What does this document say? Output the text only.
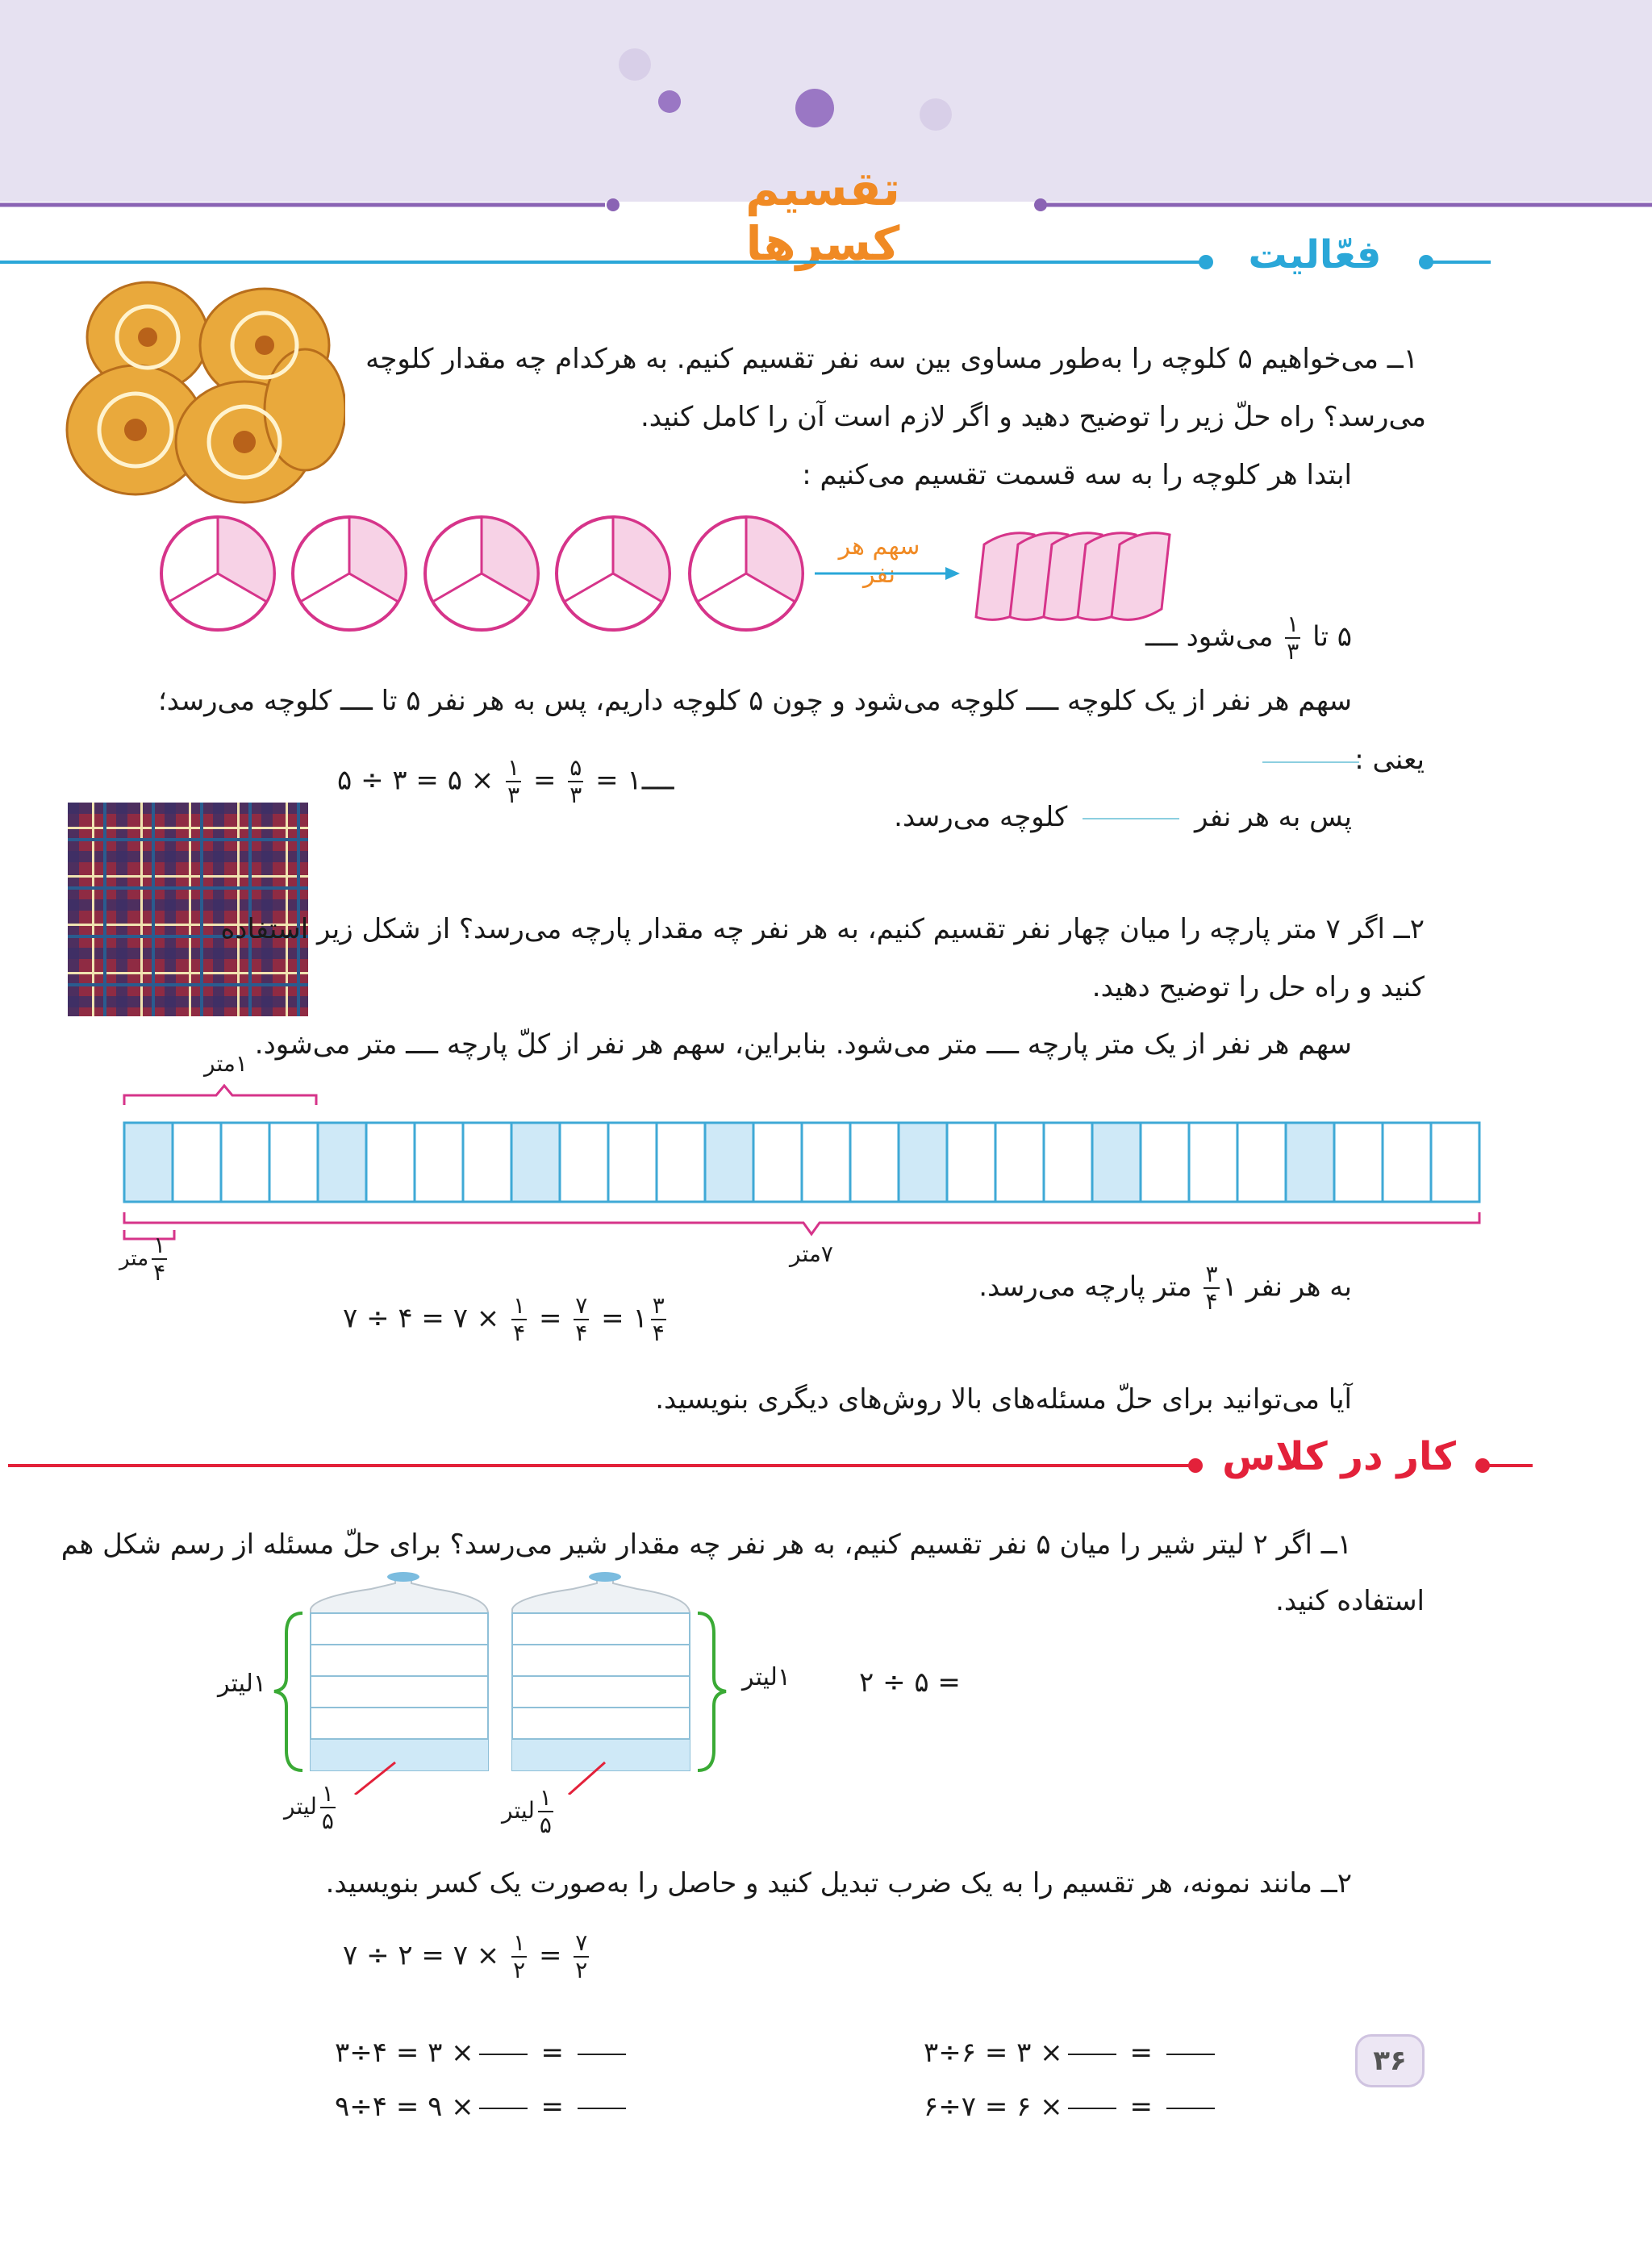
تقسیم کسرها	فعّالیت
۱ــ می‌خواهیم ۵ کلوچه را به‌طور مساوی بین سه نفر تقسیم کنیم. به هرکدام چه مقدار کلوچه
می‌رسد؟ راه حلّ زیر را توضیح دهید و اگر لازم است آن را کامل کنید.
ابتدا هر کلوچه را به سه قسمت تقسیم می‌کنیم :
سهم هر نفر
۵ تا
$\frac{۱}{۳}$
می‌شود ــــ
سهم هر نفر از یک کلوچه ــــ کلوچه می‌شود و چون ۵ کلوچه داریم، پس به هر نفر ۵ تا ــــ کلوچه می‌رسد؛
یعنی :
۵ ÷ ۳ = ۵ × $\frac{۱}{۳} = \frac{۵}{۳}$ = ۱ــــ
پس به هر نفر  کلوچه می‌رسد.
۲ــ اگر ۷ متر پارچه را میان چهار نفر تقسیم کنیم، به هر نفر چه مقدار پارچه می‌رسد؟ از شکل زیر استفاده
کنید و راه حل را توضیح دهید.
سهم هر نفر از یک متر پارچه ــــ متر می‌شود. بنابراین، سهم هر نفر از کلّ پارچه ــــ متر می‌شود.
۱متر
۷متر
$\frac{۱}{۴}$
متر
به هر نفر ۱
$\frac{۳}{۴}$
متر پارچه می‌رسد.
۷ ÷ ۴ = ۷ × $\frac{۱}{۴} = \frac{۷}{۴}$ = ۱ $\frac{۳}{۴}$
آیا می‌توانید برای حلّ مسئله‌های بالا روش‌های دیگری بنویسید.
کار در کلاس
۱ــ اگر ۲ لیتر شیر را میان ۵ نفر تقسیم کنیم، به هر نفر چه مقدار شیر می‌رسد؟ برای حلّ مسئله از رسم شکل هم
استفاده کنید.
۱لیتر	۱لیتر
$\frac{۱}{۵}$
لیتر	$\frac{۱}{۵}$
لیتر
۲ ÷ ۵ =
۲ــ مانند نمونه، هر تقسیم را به یک ضرب تبدیل کنید و حاصل را به‌صورت یک کسر بنویسید.
۷ ÷ ۲ = ۷ × $\frac{۱}{۲} = \frac{۷}{۲}$
۳÷۴ = ۳ × =	۳÷۶ = ۳ × =
۹÷۴ = ۹ × =	۶÷۷ = ۶ × =
۳۶
